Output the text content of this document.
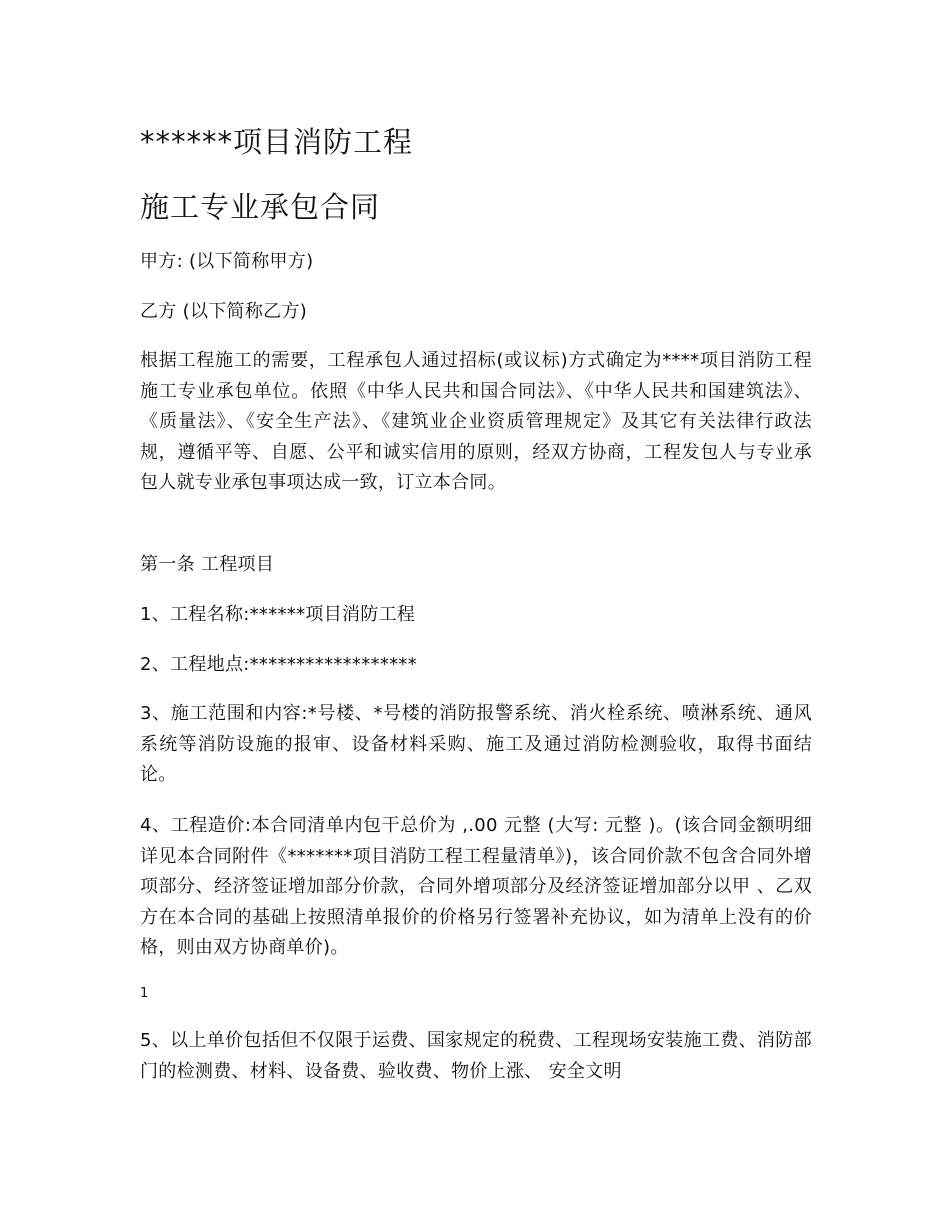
******项目消防工程
施工专业承包合同

甲方: (以下简称甲方)

乙方 (以下简称乙方)

根据工程施工的需要，工程承包人通过招标(或议标)方式确定为****项目消防工程施工专业承包单位。依照《中华人民共和国合同法》、《中华人民共和国建筑法》、《质量法》、《安全生产法》、《建筑业企业资质管理规定》及其它有关法律行政法规，遵循平等、自愿、公平和诚实信用的原则，经双方协商，工程发包人与专业承包人就专业承包事项达成一致，订立本合同。

第一条 工程项目

1、工程名称:******项目消防工程

2、工程地点:******************

3、施工范围和内容:*号楼、*号楼的消防报警系统、消火栓系统、喷淋系统、通风系统等消防设施的报审、设备材料采购、施工及通过消防检测验收，取得书面结论。

4、工程造价:本合同清单内包干总价为 ,.00 元整 (大写: 元整 )。(该合同金额明细详见本合同附件《*******项目消防工程工程量清单》)，该合同价款不包含合同外增项部分、经济签证增加部分价款，合同外增项部分及经济签证增加部分以甲 、乙双方在本合同的基础上按照清单报价的价格另行签署补充协议，如为清单上没有的价格，则由双方协商单价)。

1

5、以上单价包括但不仅限于运费、国家规定的税费、工程现场安装施工费、消防部门的检测费、材料、设备费、验收费、物价上涨、 安全文明
